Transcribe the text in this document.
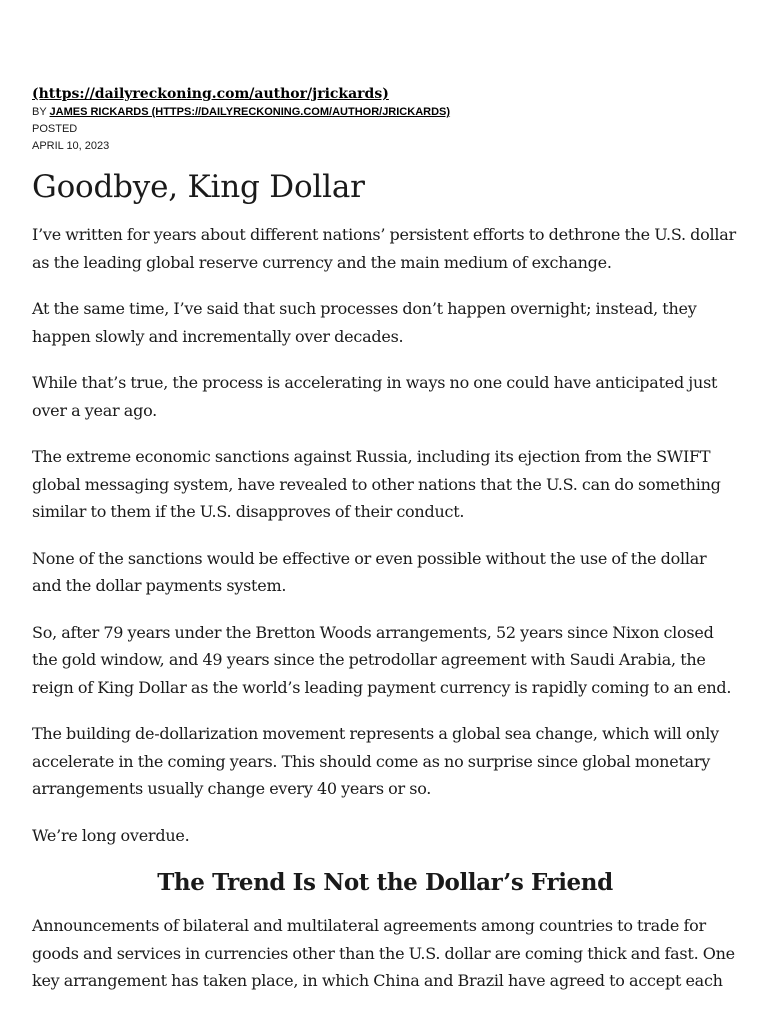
(https://dailyreckoning.com/author/jrickards)

BY JAMES RICKARDS (HTTPS://DAILYRECKONING.COM/AUTHOR/JRICKARDS)

POSTED

APRIL 10, 2023

Goodbye, King Dollar

I’ve written for years about different nations’ persistent efforts to dethrone the U.S. dollar as the leading global reserve currency and the main medium of exchange.

At the same time, I’ve said that such processes don’t happen overnight; instead, they happen slowly and incrementally over decades.

While that’s true, the process is accelerating in ways no one could have anticipated just over a year ago.

The extreme economic sanctions against Russia, including its ejection from the SWIFT global messaging system, have revealed to other nations that the U.S. can do something similar to them if the U.S. disapproves of their conduct.

None of the sanctions would be effective or even possible without the use of the dollar and the dollar payments system.

So, after 79 years under the Bretton Woods arrangements, 52 years since Nixon closed the gold window, and 49 years since the petrodollar agreement with Saudi Arabia, the reign of King Dollar as the world’s leading payment currency is rapidly coming to an end.

The building de-dollarization movement represents a global sea change, which will only accelerate in the coming years. This should come as no surprise since global monetary arrangements usually change every 40 years or so.

We’re long overdue.

The Trend Is Not the Dollar’s Friend

Announcements of bilateral and multilateral agreements among countries to trade for goods and services in currencies other than the U.S. dollar are coming thick and fast. One key arrangement has taken place, in which China and Brazil have agreed to accept each
